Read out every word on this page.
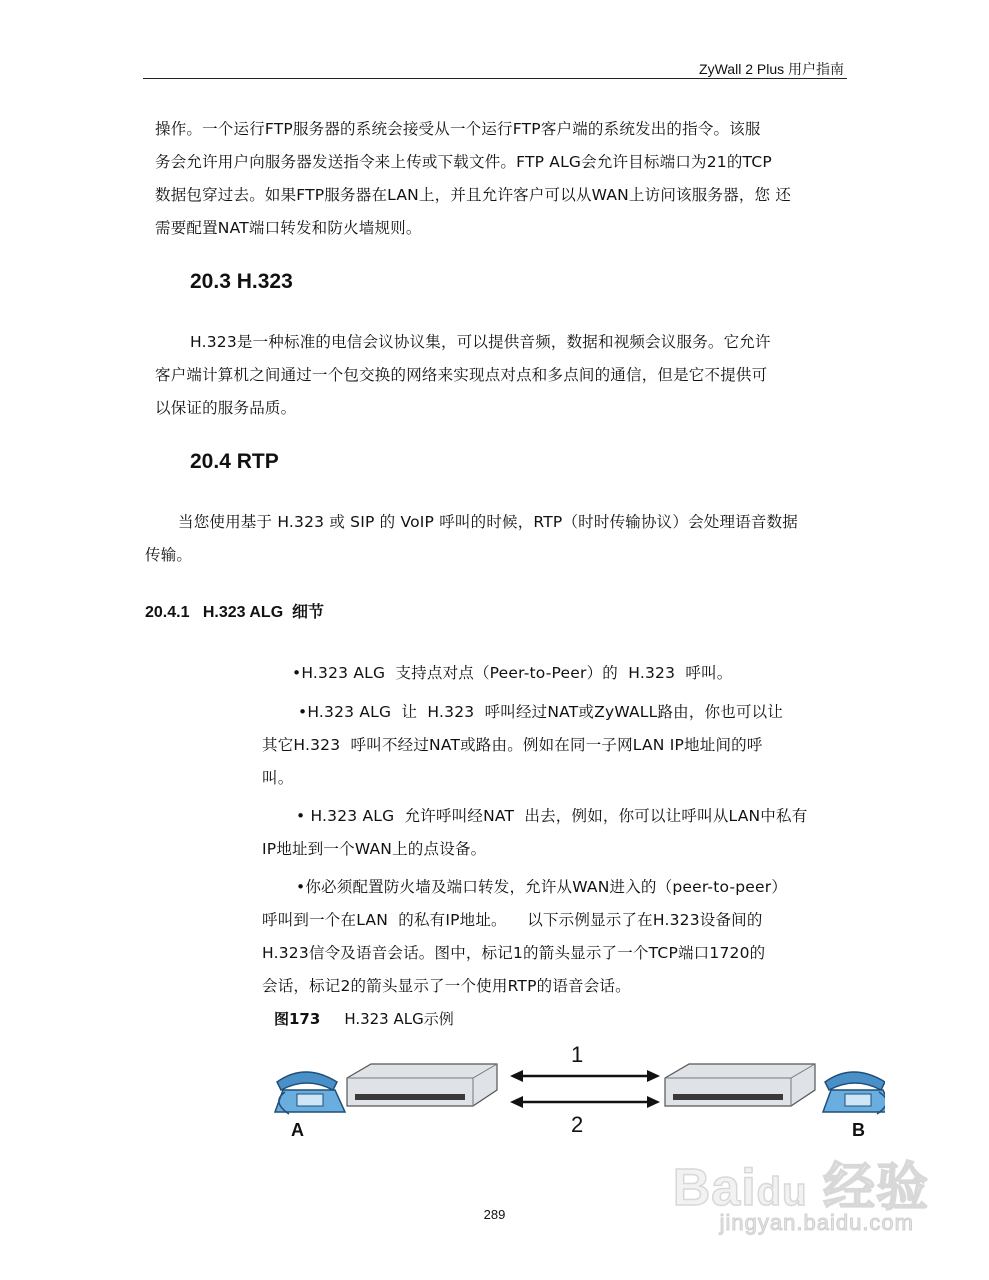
ZyWall 2 Plus 用户指南
操作。一个运行FTP服务器的系统会接受从一个运行FTP客户端的系统发出的指令。该服
务会允许用户向服务器发送指令来上传或下载文件。FTP ALG会允许目标端口为21的TCP
数据包穿过去。如果FTP服务器在LAN上，并且允许客户可以从WAN上访问该服务器，您 还
需要配置NAT端口转发和防火墙规则。
20.3 H.323
H.323是一种标准的电信会议协议集，可以提供音频，数据和视频会议服务。它允许
客户端计算机之间通过一个包交换的网络来实现点对点和多点间的通信，但是它不提供可
以保证的服务品质。
20.4 RTP
当您使用基于 H.323 或 SIP 的 VoIP 呼叫的时候，RTP（时时传输协议）会处理语音数据
传输。
20.4.1   H.323 ALG  细节
•H.323 ALG  支持点对点（Peer-to-Peer）的  H.323  呼叫。
•H.323 ALG  让  H.323  呼叫经过NAT或ZyWALL路由，你也可以让
其它H.323  呼叫不经过NAT或路由。例如在同一子网LAN IP地址间的呼
叫。
• H.323 ALG  允许呼叫经NAT  出去，例如，你可以让呼叫从LAN中私有
IP地址到一个WAN上的点设备。
•你必须配置防火墙及端口转发，允许从WAN进入的（peer-to-peer）
呼叫到一个在LAN  的私有IP地址。    以下示例显示了在H.323设备间的
H.323信令及语音会话。图中，标记1的箭头显示了一个TCP端口1720的
会话，标记2的箭头显示了一个使用RTP的语音会话。
图173 H.323 ALG示例
A	B
1
2
289	Baidu 经验
jingyan.baidu.com
